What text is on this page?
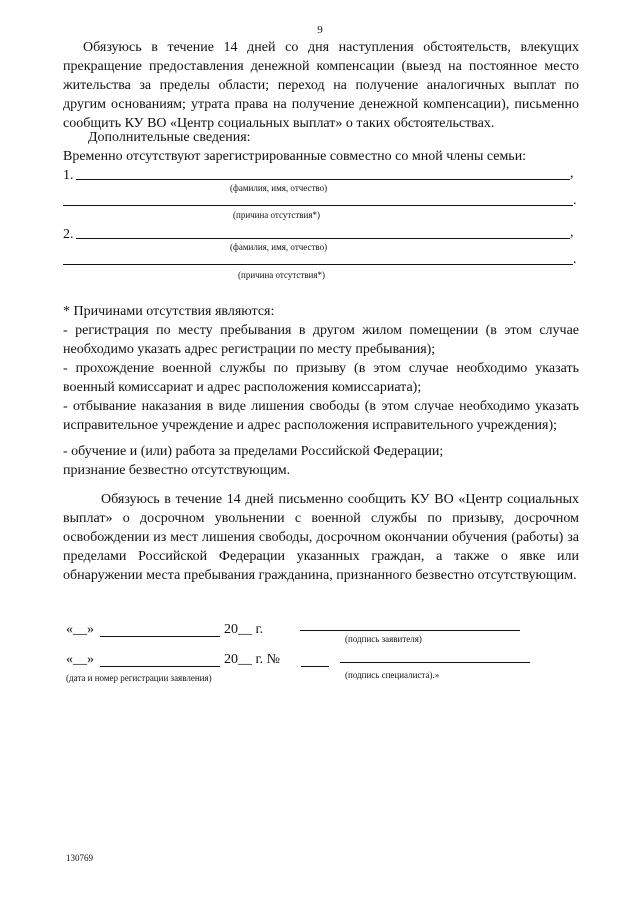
9
Обязуюсь в течение 14 дней со дня наступления обстоятельств, влекущих прекращение предоставления денежной компенсации (выезд на постоянное место жительства за пределы области; переход на получение аналогичных выплат по другим основаниям; утрата права на получение денежной компенсации), письменно сообщить КУ ВО «Центр социальных выплат» о таких обстоятельствах.
Дополнительные сведения:
Временно отсутствуют зарегистрированные совместно со мной члены семьи:
1.	,
(фамилия, имя, отчество)
.
(причина отсутствия*)
2.	,
(фамилия, имя, отчество)
.
(причина отсутствия*)
* Причинами отсутствия являются:
- регистрация по месту пребывания в другом жилом помещении (в этом случае необходимо указать адрес регистрации по месту пребывания);
- прохождение военной службы по призыву (в этом случае необходимо указать военный комиссариат и адрес расположения комиссариата);
- отбывание наказания в виде лишения свободы (в этом случае необходимо указать исправительное учреждение и адрес расположения исправительного учреждения);
- обучение и (или) работа за пределами Российской Федерации;
признание безвестно отсутствующим.
Обязуюсь в течение 14 дней письменно сообщить КУ ВО «Центр социальных выплат» о досрочном увольнении с военной службы по призыву, досрочном освобождении из мест лишения свободы, досрочном окончании обучения (работы) за пределами Российской Федерации указанных граждан, а также о явке или обнаружении места пребывания гражданина, признанного безвестно отсутствующим.
«__»	20__ г.
(подпись заявителя)
«__»	20__ г. №
(дата и номер регистрации заявления)	(подпись специалиста).»
130769
